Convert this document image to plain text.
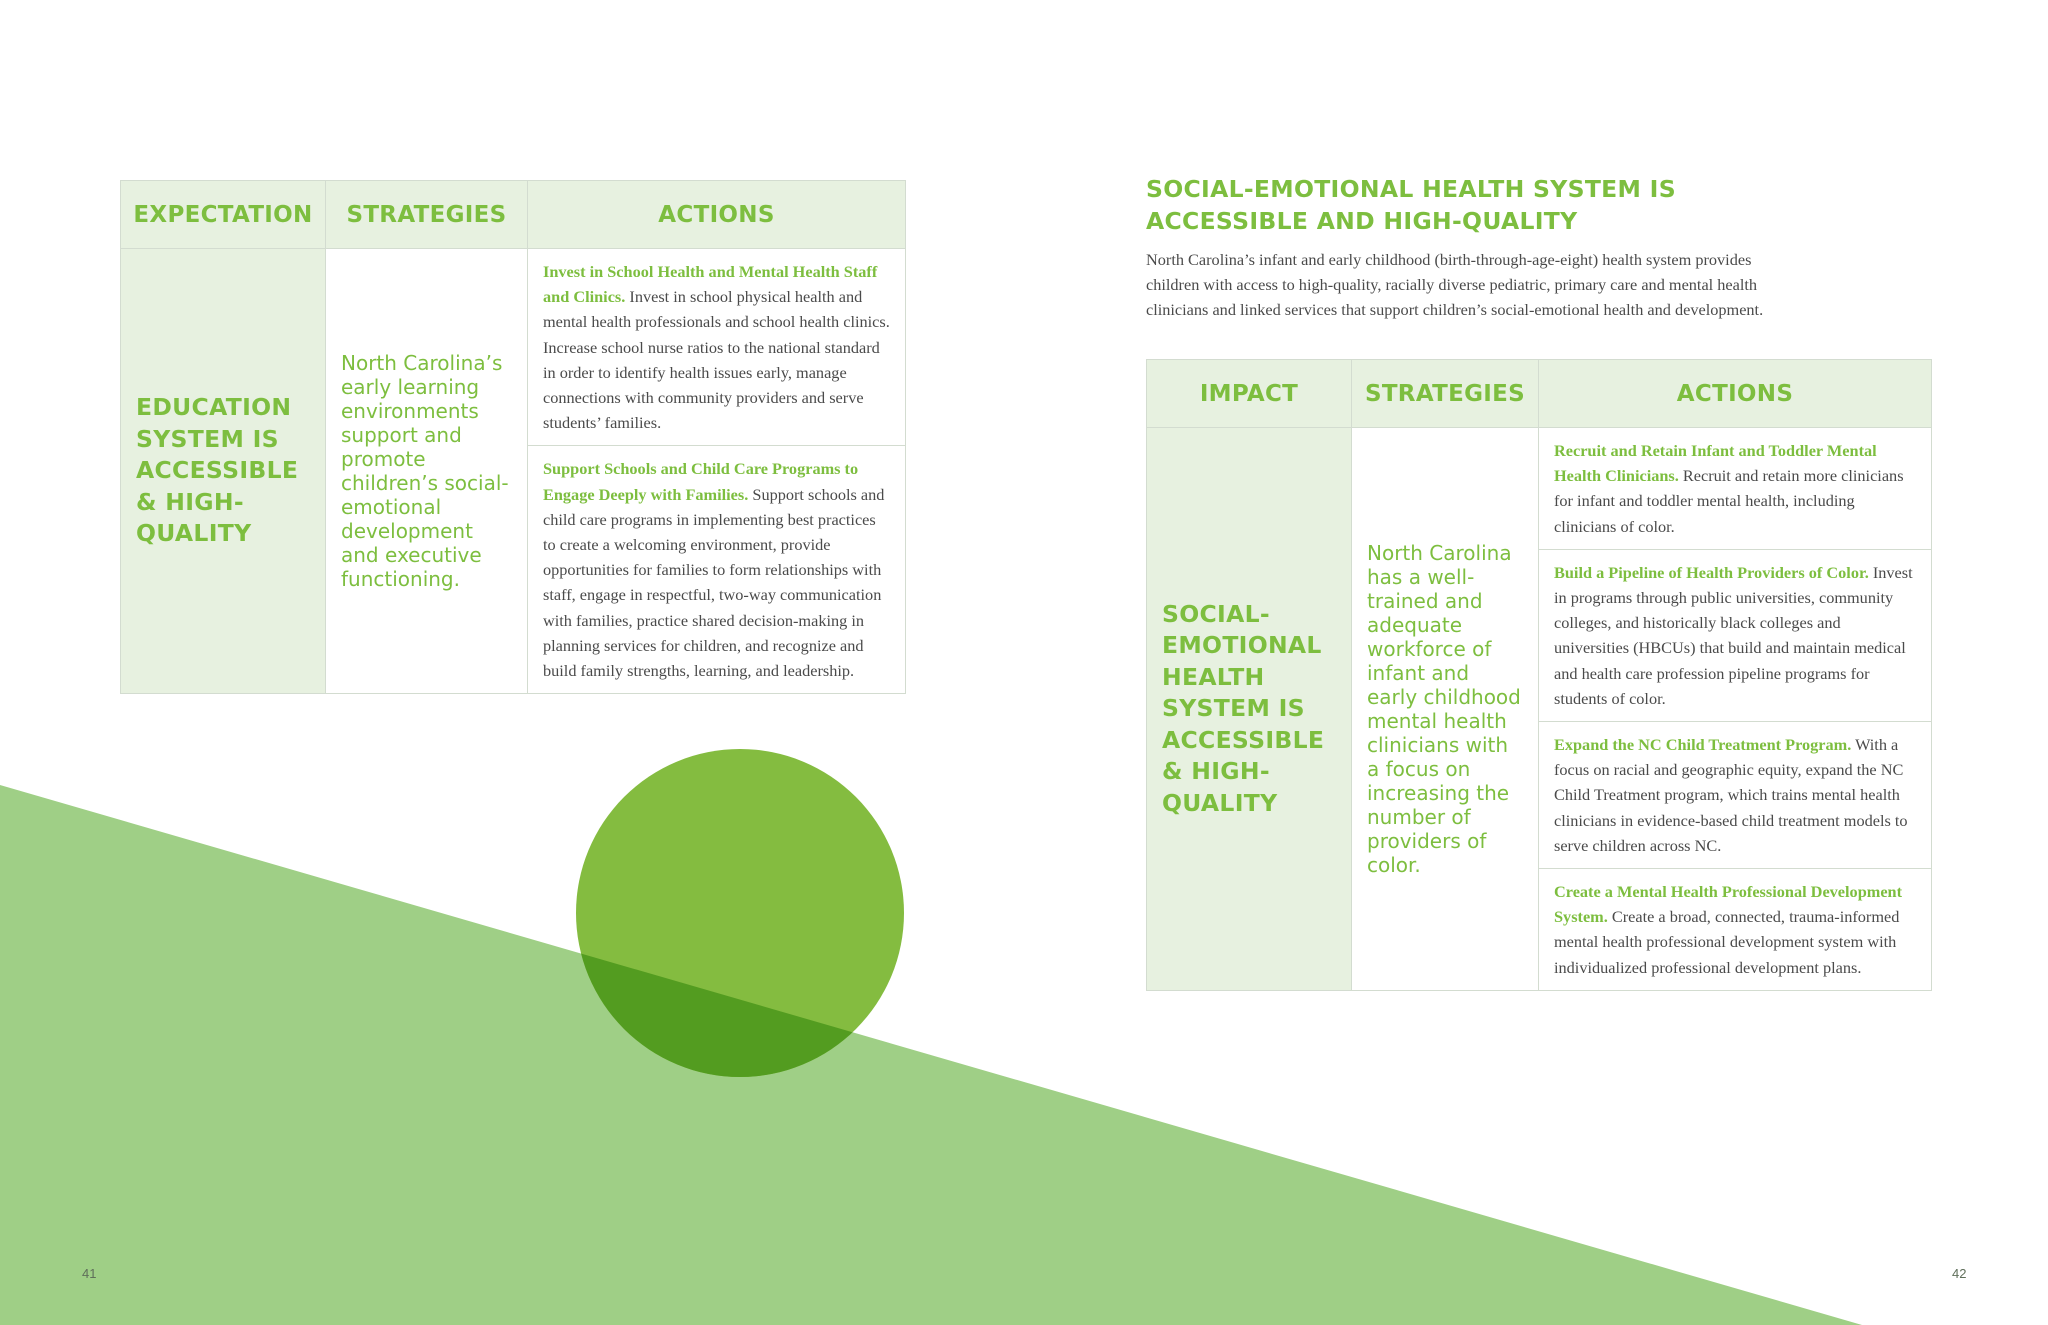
EXPECTATION	STRATEGIES	ACTIONS

EDUCATION SYSTEM IS ACCESSIBLE & HIGH-QUALITY	North Carolina’s early learning environments support and promote children’s social-emotional development and executive functioning.	Invest in School Health and Mental Health Staff and Clinics. Invest in school physical health and mental health professionals and school health clinics. Increase school nurse ratios to the national standard in order to identify health issues early, manage connections with community providers and serve students’ families.

		Support Schools and Child Care Programs to Engage Deeply with Families. Support schools and child care programs in implementing best practices to create a welcoming environment, provide opportunities for families to form relationships with staff, engage in respectful, two-way communication with families, practice shared decision-making in planning services for children, and recognize and build family strengths, learning, and leadership.
SOCIAL-EMOTIONAL HEALTH SYSTEM IS ACCESSIBLE AND HIGH-QUALITY
North Carolina’s infant and early childhood (birth-through-age-eight) health system provides children with access to high-quality, racially diverse pediatric, primary care and mental health clinicians and linked services that support children’s social-emotional health and development.
IMPACT	STRATEGIES	ACTIONS

SOCIAL-EMOTIONAL HEALTH SYSTEM IS ACCESSIBLE & HIGH-QUALITY	North Carolina has a well-trained and adequate workforce of infant and early childhood mental health clinicians with a focus on increasing the number of providers of color.	Recruit and Retain Infant and Toddler Mental Health Clinicians. Recruit and retain more clinicians for infant and toddler mental health, including clinicians of color.

		Build a Pipeline of Health Providers of Color. Invest in programs through public universities, community colleges, and historically black colleges and universities (HBCUs) that build and maintain medical and health care profession pipeline programs for students of color.

		Expand the NC Child Treatment Program. With a focus on racial and geographic equity, expand the NC Child Treatment program, which trains mental health clinicians in evidence-based child treatment models to serve children across NC.

		Create a Mental Health Professional Development System. Create a broad, connected, trauma-informed mental health professional development system with individualized professional development plans.
41	42
